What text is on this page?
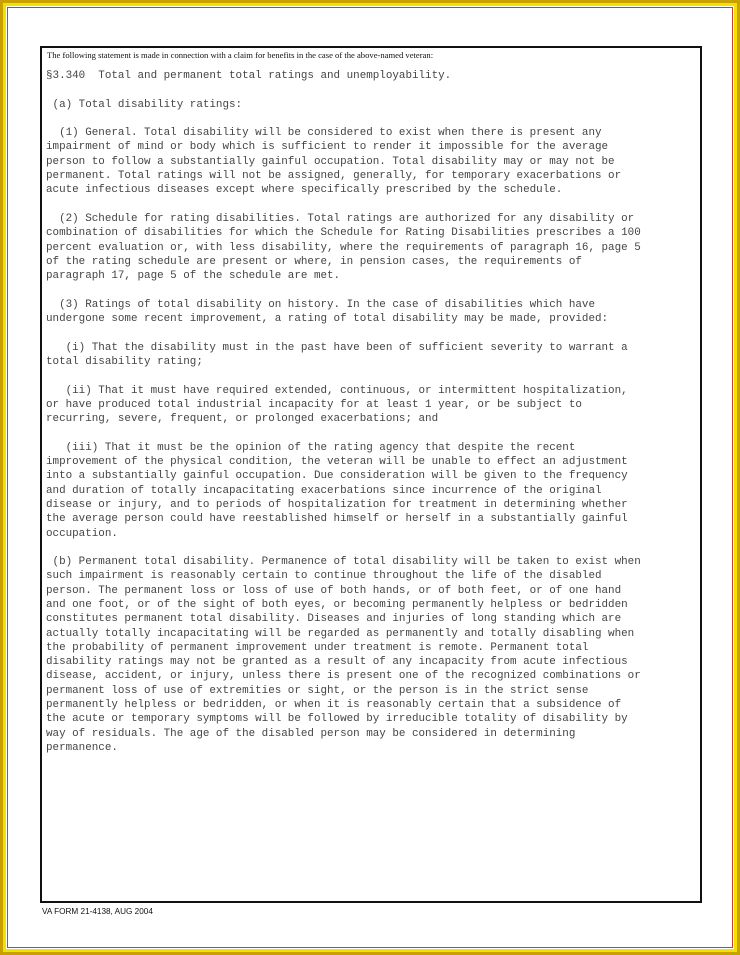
The following statement is made in connection with a claim for benefits in the case of the above-named veteran:
§3.340  Total and permanent total ratings and unemployability.

(a) Total disability ratings:

(1) General. Total disability will be considered to exist when there is present any
impairment of mind or body which is sufficient to render it impossible for the average
person to follow a substantially gainful occupation. Total disability may or may not be
permanent. Total ratings will not be assigned, generally, for temporary exacerbations or
acute infectious diseases except where specifically prescribed by the schedule.

(2) Schedule for rating disabilities. Total ratings are authorized for any disability or
combination of disabilities for which the Schedule for Rating Disabilities prescribes a 100
percent evaluation or, with less disability, where the requirements of paragraph 16, page 5
of the rating schedule are present or where, in pension cases, the requirements of
paragraph 17, page 5 of the schedule are met.

(3) Ratings of total disability on history. In the case of disabilities which have
undergone some recent improvement, a rating of total disability may be made, provided:

(i) That the disability must in the past have been of sufficient severity to warrant a
total disability rating;

(ii) That it must have required extended, continuous, or intermittent hospitalization,
or have produced total industrial incapacity for at least 1 year, or be subject to
recurring, severe, frequent, or prolonged exacerbations; and

(iii) That it must be the opinion of the rating agency that despite the recent
improvement of the physical condition, the veteran will be unable to effect an adjustment
into a substantially gainful occupation. Due consideration will be given to the frequency
and duration of totally incapacitating exacerbations since incurrence of the original
disease or injury, and to periods of hospitalization for treatment in determining whether
the average person could have reestablished himself or herself in a substantially gainful
occupation.

(b) Permanent total disability. Permanence of total disability will be taken to exist when
such impairment is reasonably certain to continue throughout the life of the disabled
person. The permanent loss or loss of use of both hands, or of both feet, or of one hand
and one foot, or of the sight of both eyes, or becoming permanently helpless or bedridden
constitutes permanent total disability. Diseases and injuries of long standing which are
actually totally incapacitating will be regarded as permanently and totally disabling when
the probability of permanent improvement under treatment is remote. Permanent total
disability ratings may not be granted as a result of any incapacity from acute infectious
disease, accident, or injury, unless there is present one of the recognized combinations or
permanent loss of use of extremities or sight, or the person is in the strict sense
permanently helpless or bedridden, or when it is reasonably certain that a subsidence of
the acute or temporary symptoms will be followed by irreducible totality of disability by
way of residuals. The age of the disabled person may be considered in determining
permanence.

VA FORM 21-4138, AUG 2004
